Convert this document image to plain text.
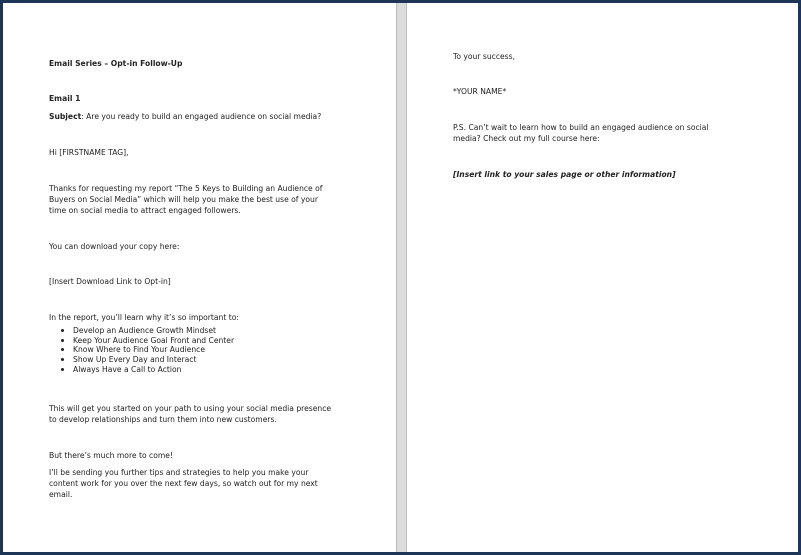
Email Series – Opt-in Follow-Up

Email 1

Subject: Are you ready to build an engaged audience on social media?

Hi [FIRSTNAME TAG],

Thanks for requesting my report “The 5 Keys to Building an Audience of

Buyers on Social Media” which will help you make the best use of your

time on social media to attract engaged followers.

You can download your copy here:

[Insert Download Link to Opt-in]

In the report, you’ll learn why it’s so important to:

Develop an Audience Growth Mindset
Keep Your Audience Goal Front and Center
Know Where to Find Your Audience
Show Up Every Day and Interact
Always Have a Call to Action

This will get you started on your path to using your social media presence

to develop relationships and turn them into new customers.

But there’s much more to come!

I’ll be sending you further tips and strategies to help you make your

content work for you over the next few days, so watch out for my next

email.

To your success,

*YOUR NAME*

P.S. Can’t wait to learn how to build an engaged audience on social

media? Check out my full course here:

[Insert link to your sales page or other information]
